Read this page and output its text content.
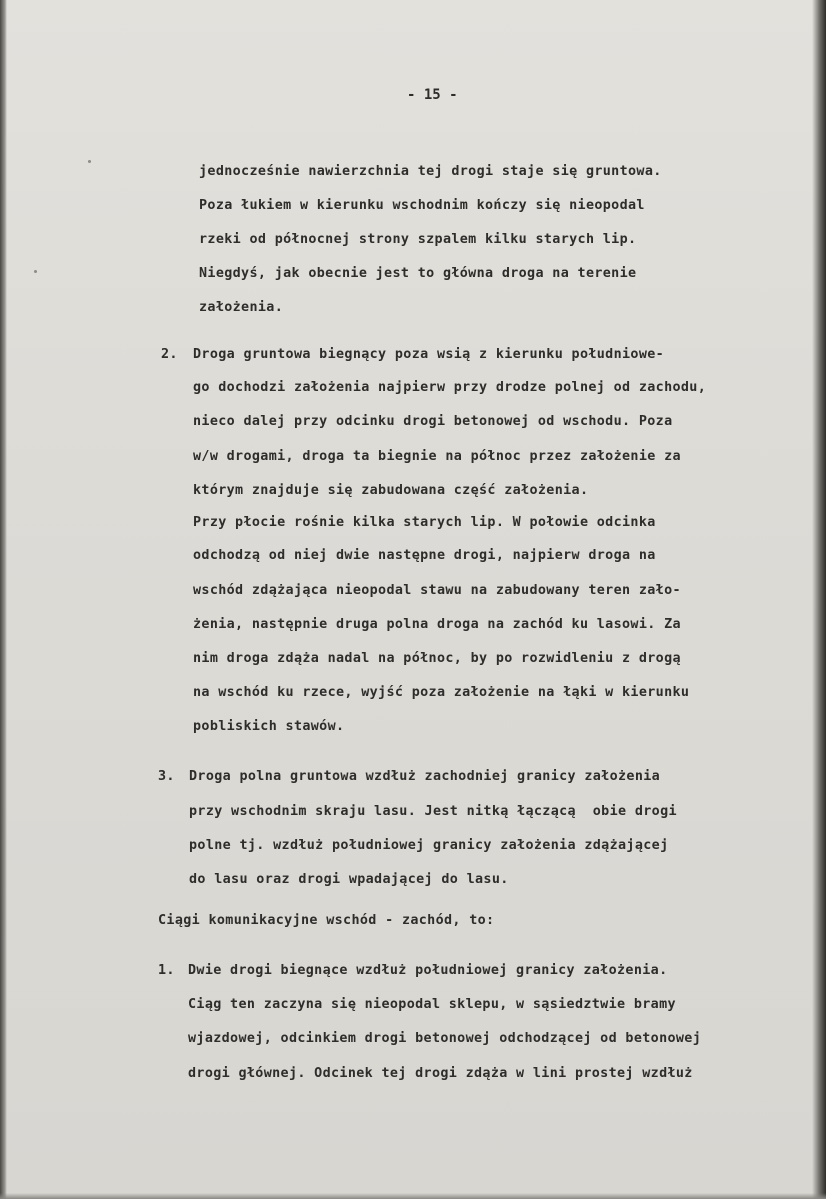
- 15 -
jednocześnie nawierzchnia tej drogi staje się gruntowa.
Poza łukiem w kierunku wschodnim kończy się nieopodal
rzeki od północnej strony szpalem kilku starych lip.
Niegdyś, jak obecnie jest to główna droga na terenie
założenia.
2. Droga gruntowa biegnący poza wsią z kierunku południowe-
go dochodzi założenia najpierw przy drodze polnej od zachodu,
nieco dalej przy odcinku drogi betonowej od wschodu. Poza
w/w drogami, droga ta biegnie na północ przez założenie za
którym znajduje się zabudowana część założenia.
Przy płocie rośnie kilka starych lip. W połowie odcinka
odchodzą od niej dwie następne drogi, najpierw droga na
wschód zdążająca nieopodal stawu na zabudowany teren zało-
żenia, następnie druga polna droga na zachód ku lasowi. Za
nim droga zdąża nadal na północ, by po rozwidleniu z drogą
na wschód ku rzece, wyjść poza założenie na łąki w kierunku
pobliskich stawów.
3. Droga polna gruntowa wzdłuż zachodniej granicy założenia
przy wschodnim skraju lasu. Jest nitką łączącą  obie drogi
polne tj. wzdłuż południowej granicy założenia zdążającej
do lasu oraz drogi wpadającej do lasu.
Ciągi komunikacyjne wschód - zachód, to:
1. Dwie drogi biegnące wzdłuż południowej granicy założenia.
Ciąg ten zaczyna się nieopodal sklepu, w sąsiedztwie bramy
wjazdowej, odcinkiem drogi betonowej odchodzącej od betonowej
drogi głównej. Odcinek tej drogi zdąża w lini prostej wzdłuż
